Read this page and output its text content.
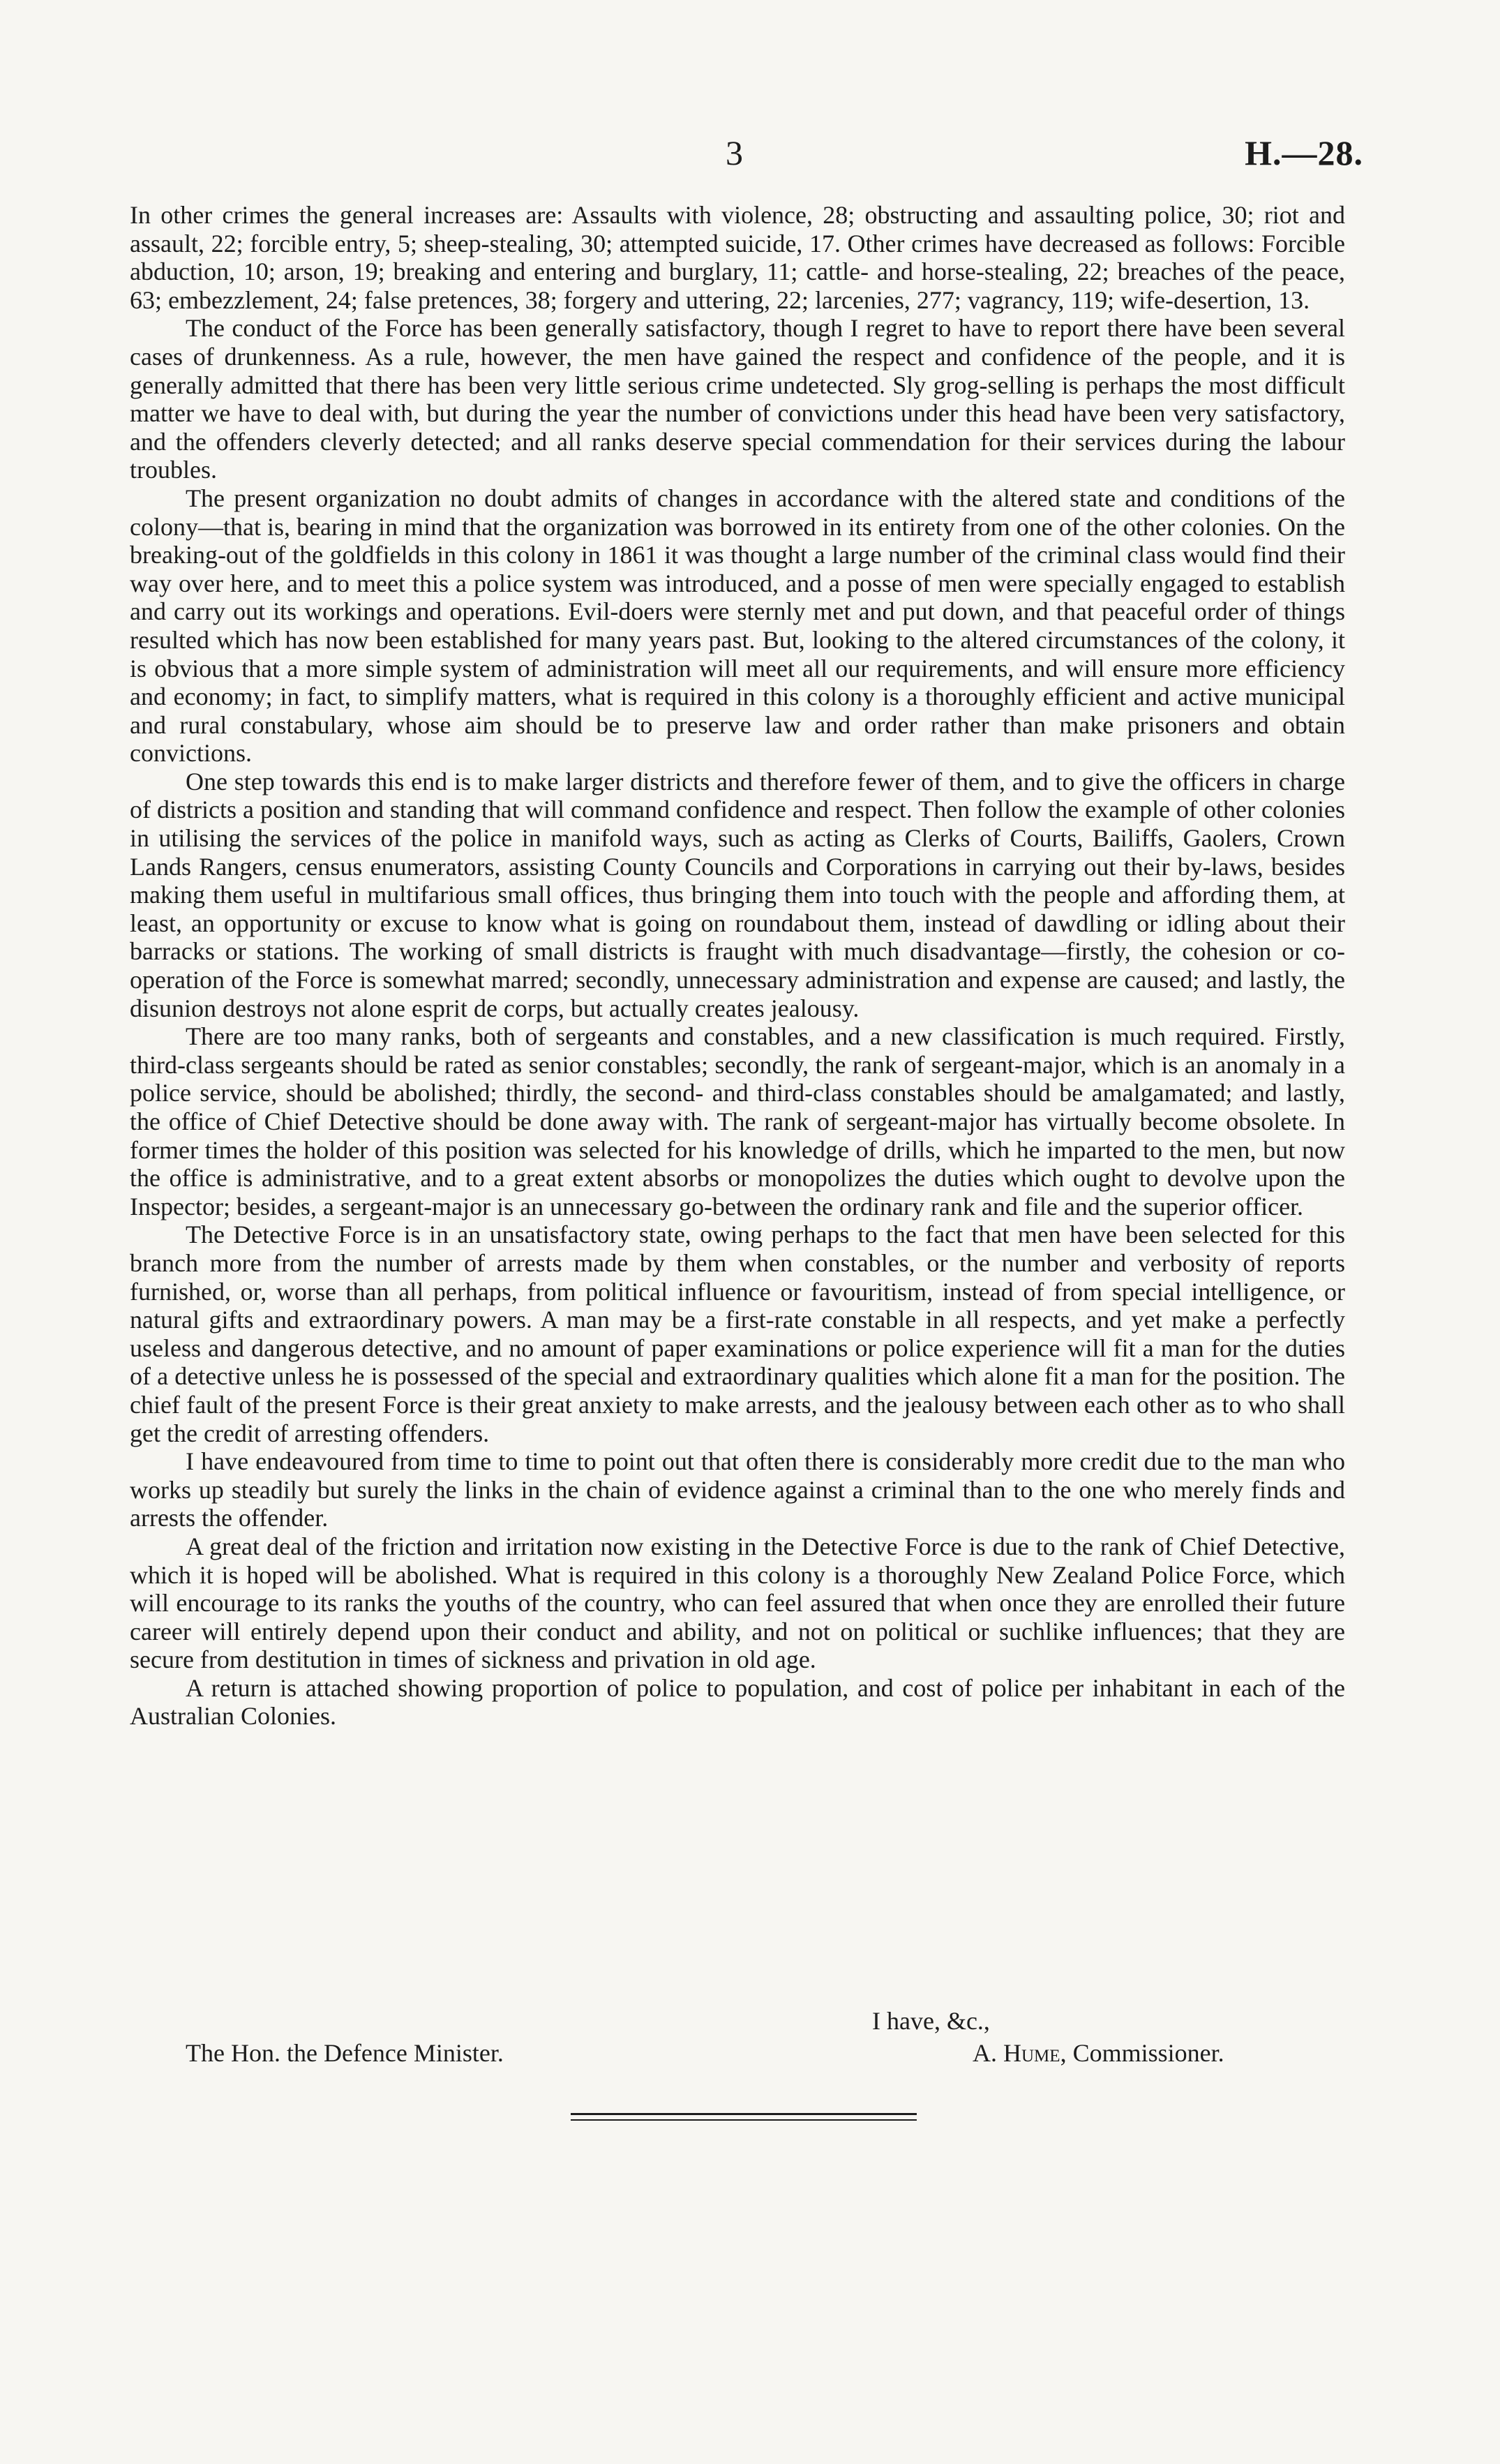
3	H.—28.

In other crimes the general increases are: Assaults with violence, 28; obstructing and assaulting police, 30; riot and assault, 22; forcible entry, 5; sheep-stealing, 30; attempted suicide, 17. Other crimes have decreased as follows: Forcible abduction, 10; arson, 19; breaking and entering and burglary, 11; cattle- and horse-stealing, 22; breaches of the peace, 63; embezzlement, 24; false pretences, 38; forgery and uttering, 22; larcenies, 277; vagrancy, 119; wife-desertion, 13.

The conduct of the Force has been generally satisfactory, though I regret to have to report there have been several cases of drunkenness. As a rule, however, the men have gained the respect and confidence of the people, and it is generally admitted that there has been very little serious crime undetected. Sly grog-selling is perhaps the most difficult matter we have to deal with, but during the year the number of convictions under this head have been very satisfactory, and the offenders cleverly detected; and all ranks deserve special commendation for their services during the labour troubles.

The present organization no doubt admits of changes in accordance with the altered state and conditions of the colony—that is, bearing in mind that the organization was borrowed in its entirety from one of the other colonies. On the breaking-out of the goldfields in this colony in 1861 it was thought a large number of the criminal class would find their way over here, and to meet this a police system was introduced, and a posse of men were specially engaged to establish and carry out its workings and operations. Evil-doers were sternly met and put down, and that peaceful order of things resulted which has now been established for many years past. But, looking to the altered circumstances of the colony, it is obvious that a more simple system of administration will meet all our requirements, and will ensure more efficiency and economy; in fact, to simplify matters, what is required in this colony is a thoroughly efficient and active municipal and rural constabulary, whose aim should be to preserve law and order rather than make prisoners and obtain convictions.

One step towards this end is to make larger districts and therefore fewer of them, and to give the officers in charge of districts a position and standing that will command confidence and respect. Then follow the example of other colonies in utilising the services of the police in manifold ways, such as acting as Clerks of Courts, Bailiffs, Gaolers, Crown Lands Rangers, census enumerators, assisting County Councils and Corporations in carrying out their by-laws, besides making them useful in multifarious small offices, thus bringing them into touch with the people and affording them, at least, an opportunity or excuse to know what is going on roundabout them, instead of dawdling or idling about their barracks or stations. The working of small districts is fraught with much disadvantage—firstly, the cohesion or co-operation of the Force is somewhat marred; secondly, unnecessary administration and expense are caused; and lastly, the disunion destroys not alone esprit de corps, but actually creates jealousy.

There are too many ranks, both of sergeants and constables, and a new classification is much required. Firstly, third-class sergeants should be rated as senior constables; secondly, the rank of sergeant-major, which is an anomaly in a police service, should be abolished; thirdly, the second- and third-class constables should be amalgamated; and lastly, the office of Chief Detective should be done away with. The rank of sergeant-major has virtually become obsolete. In former times the holder of this position was selected for his knowledge of drills, which he imparted to the men, but now the office is administrative, and to a great extent absorbs or monopolizes the duties which ought to devolve upon the Inspector; besides, a sergeant-major is an unnecessary go-between the ordinary rank and file and the superior officer.

The Detective Force is in an unsatisfactory state, owing perhaps to the fact that men have been selected for this branch more from the number of arrests made by them when constables, or the number and verbosity of reports furnished, or, worse than all perhaps, from political influence or favouritism, instead of from special intelligence, or natural gifts and extraordinary powers. A man may be a first-rate constable in all respects, and yet make a perfectly useless and dangerous detective, and no amount of paper examinations or police experience will fit a man for the duties of a detective unless he is possessed of the special and extraordinary qualities which alone fit a man for the position. The chief fault of the present Force is their great anxiety to make arrests, and the jealousy between each other as to who shall get the credit of arresting offenders.

I have endeavoured from time to time to point out that often there is considerably more credit due to the man who works up steadily but surely the links in the chain of evidence against a criminal than to the one who merely finds and arrests the offender.

A great deal of the friction and irritation now existing in the Detective Force is due to the rank of Chief Detective, which it is hoped will be abolished. What is required in this colony is a thoroughly New Zealand Police Force, which will encourage to its ranks the youths of the country, who can feel assured that when once they are enrolled their future career will entirely depend upon their conduct and ability, and not on political or suchlike influences; that they are secure from destitution in times of sickness and privation in old age.

A return is attached showing proportion of police to population, and cost of police per inhabitant in each of the Australian Colonies.

I have, &c.,
The Hon. the Defence Minister.	A. Hume, Commissioner.
